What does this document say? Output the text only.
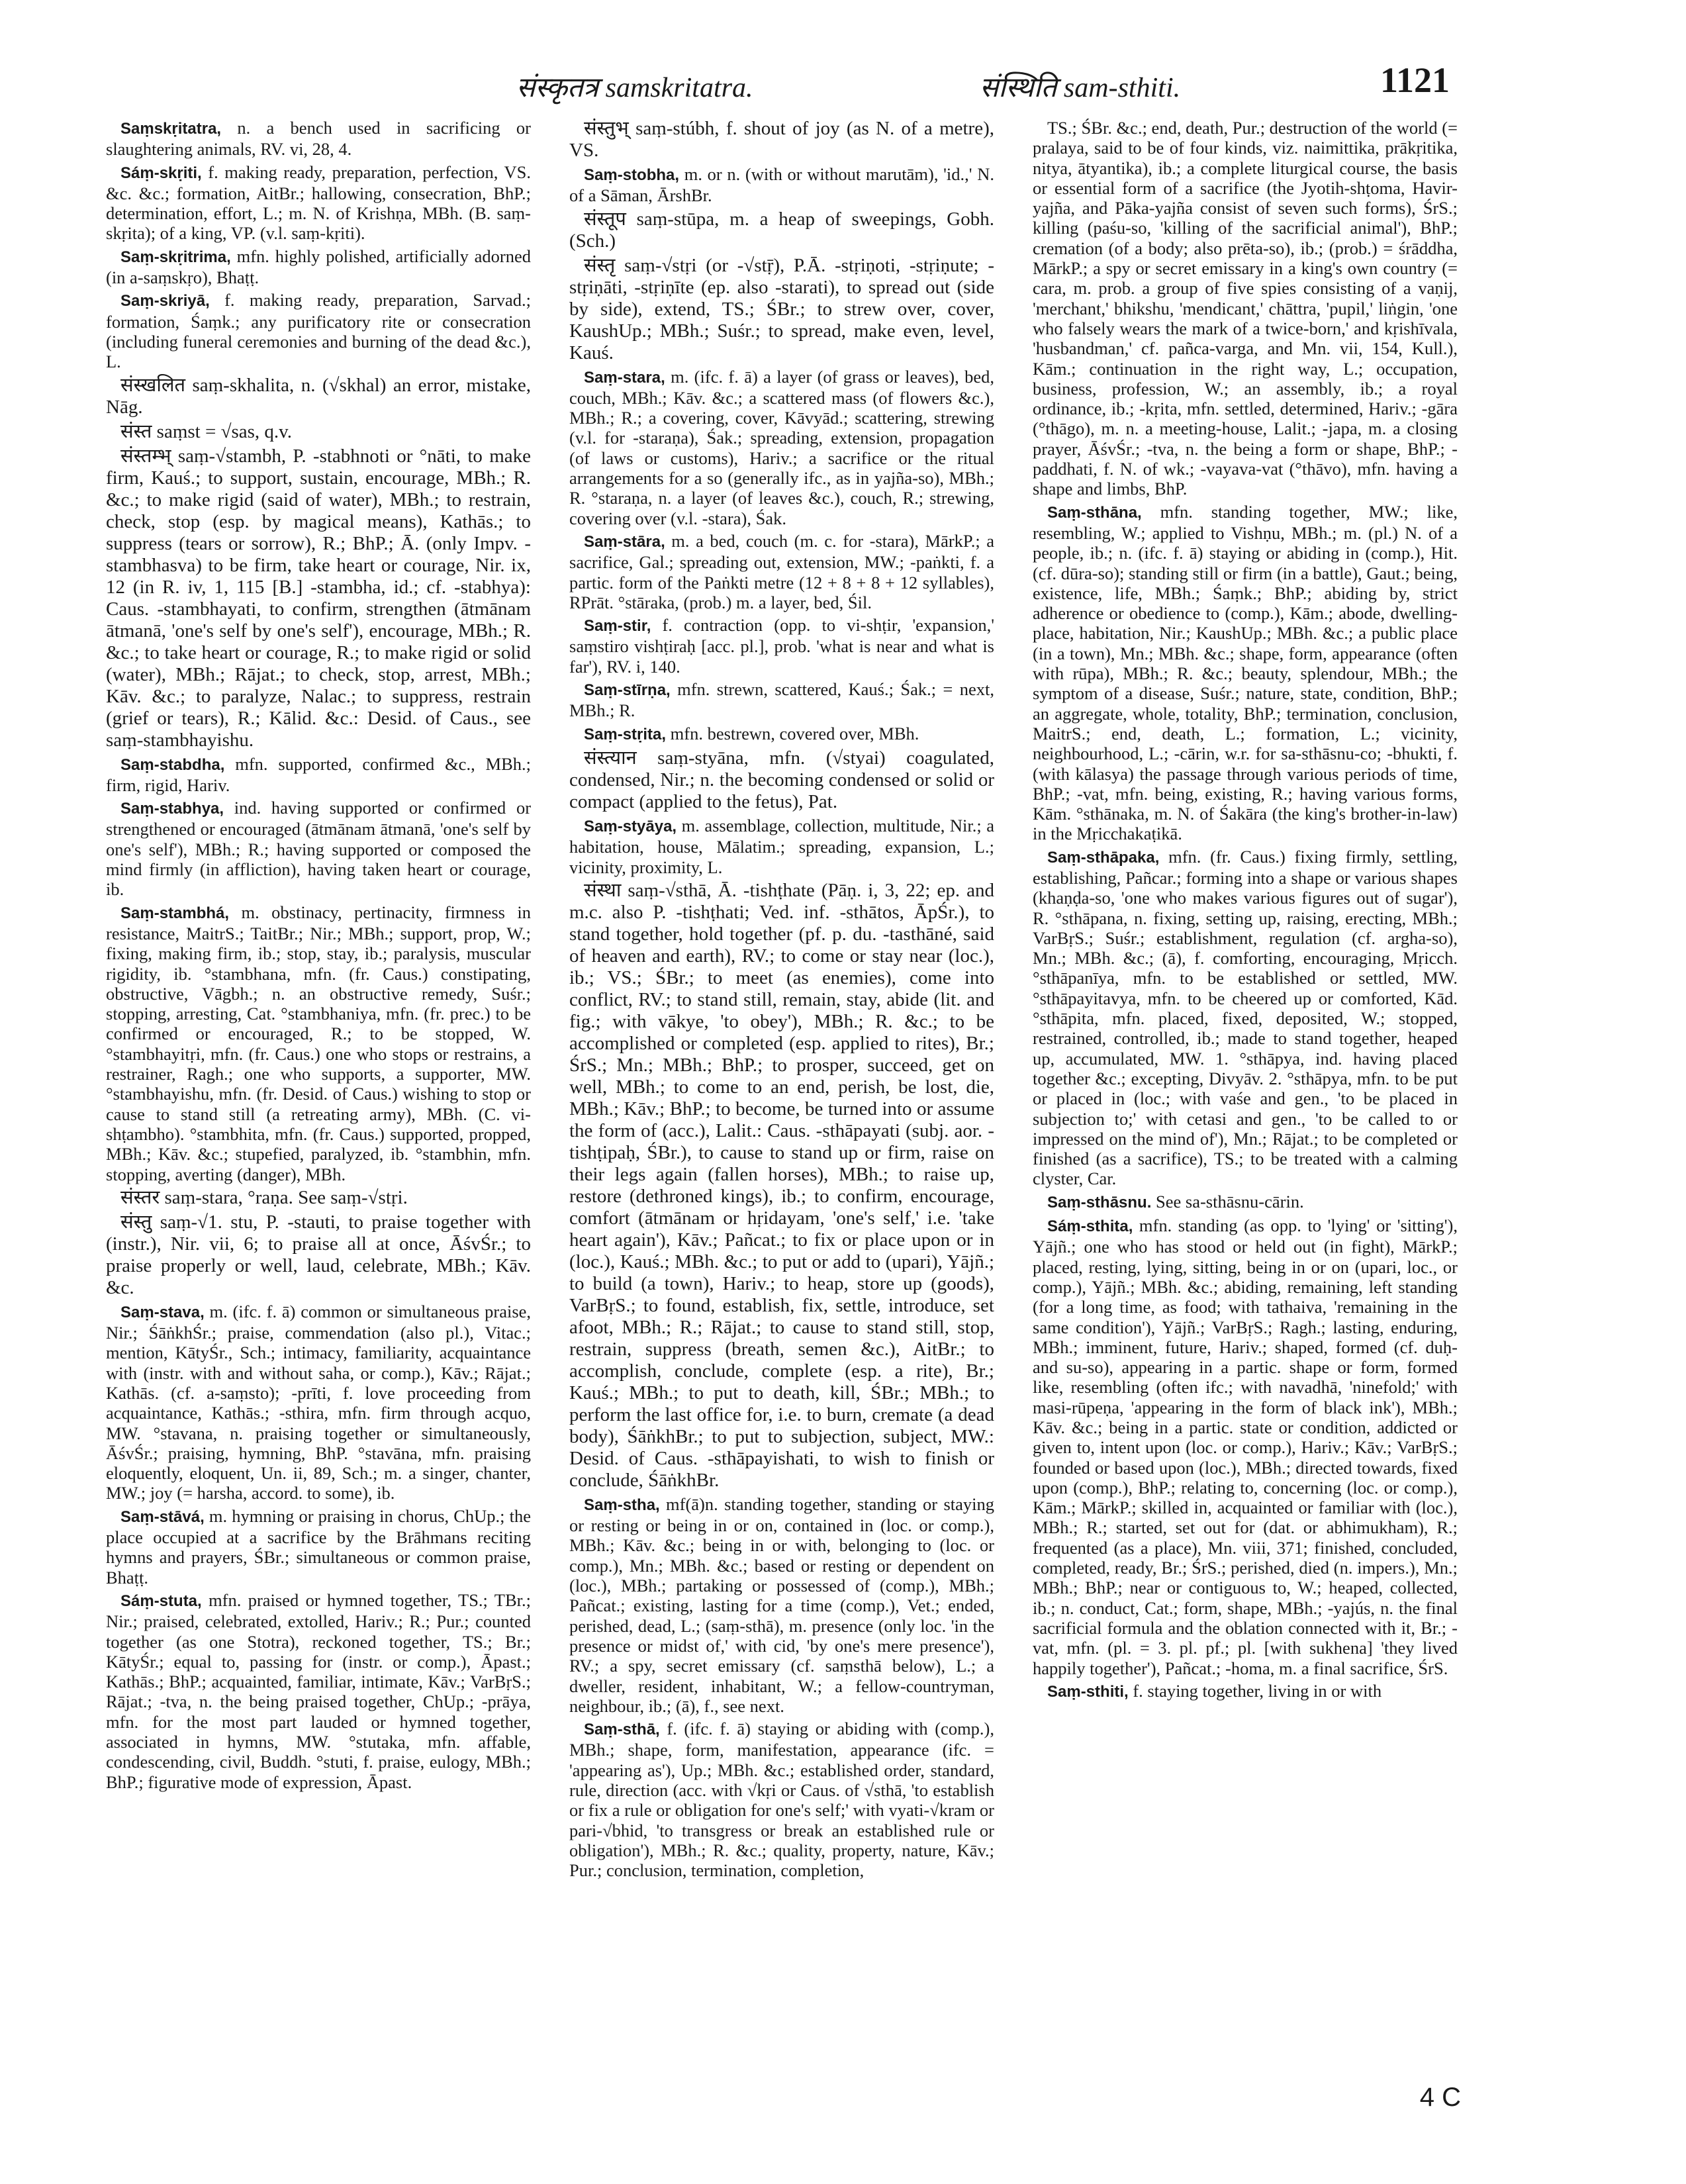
संस्कृतत्र samskritatra.	संस्थिति sam-sthiti.	1121

Saṃskṛitatra, n. a bench used in sacrificing or slaughtering animals, RV. vi, 28, 4.

Sáṃ-skṛiti, f. making ready, preparation, perfection, VS. &c. &c.; formation, AitBr.; hallowing, consecration, BhP.; determination, effort, L.; m. N. of Krishṇa, MBh. (B. saṃ-skṛita); of a king, VP. (v.l. saṃ-kṛiti).

Saṃ-skṛitrima, mfn. highly polished, artificially adorned (in a-saṃskṛo), Bhaṭṭ.

Saṃ-skriyā, f. making ready, preparation, Sarvad.; formation, Śaṃk.; any purificatory rite or consecration (including funeral ceremonies and burning of the dead &c.), L.

संस्खलित saṃ-skhalita, n. (√skhal) an error, mistake, Nāg.

संस्त saṃst = √sas, q.v.

संस्तम्भ् saṃ-√stambh, P. -stabhnoti or °nāti, to make firm, Kauś.; to support, sustain, encourage, MBh.; R. &c.; to make rigid (said of water), MBh.; to restrain, check, stop (esp. by magical means), Kathās.; to suppress (tears or sorrow), R.; BhP.; Ā. (only Impv. -stambhasva) to be firm, take heart or courage, Nir. ix, 12 (in R. iv, 1, 115 [B.] -stambha, id.; cf. -stabhya): Caus. -stambhayati, to confirm, strengthen (ātmānam ātmanā, 'one's self by one's self'), encourage, MBh.; R. &c.; to take heart or courage, R.; to make rigid or solid (water), MBh.; Rājat.; to check, stop, arrest, MBh.; Kāv. &c.; to paralyze, Nalac.; to suppress, restrain (grief or tears), R.; Kālid. &c.: Desid. of Caus., see saṃ-stambhayishu.

Saṃ-stabdha, mfn. supported, confirmed &c., MBh.; firm, rigid, Hariv.

Saṃ-stabhya, ind. having supported or confirmed or strengthened or encouraged (ātmānam ātmanā, 'one's self by one's self'), MBh.; R.; having supported or composed the mind firmly (in affliction), having taken heart or courage, ib.

Saṃ-stambhá, m. obstinacy, pertinacity, firmness in resistance, MaitrS.; TaitBr.; Nir.; MBh.; support, prop, W.; fixing, making firm, ib.; stop, stay, ib.; paralysis, muscular rigidity, ib. °stambhana, mfn. (fr. Caus.) constipating, obstructive, Vāgbh.; n. an obstructive remedy, Suśr.; stopping, arresting, Cat. °stambhaniya, mfn. (fr. prec.) to be confirmed or encouraged, R.; to be stopped, W. °stambhayitṛi, mfn. (fr. Caus.) one who stops or restrains, a restrainer, Ragh.; one who supports, a supporter, MW. °stambhayishu, mfn. (fr. Desid. of Caus.) wishing to stop or cause to stand still (a retreating army), MBh. (C. vi-shṭambho). °stambhita, mfn. (fr. Caus.) supported, propped, MBh.; Kāv. &c.; stupefied, paralyzed, ib. °stambhin, mfn. stopping, averting (danger), MBh.

संस्तर saṃ-stara, °raṇa. See saṃ-√stṛi.

संस्तु saṃ-√1. stu, P. -stauti, to praise together with (instr.), Nir. vii, 6; to praise all at once, ĀśvŚr.; to praise properly or well, laud, celebrate, MBh.; Kāv. &c.

Saṃ-stava, m. (ifc. f. ā) common or simultaneous praise, Nir.; ŚāṅkhŚr.; praise, commendation (also pl.), Vitac.; mention, KātyŚr., Sch.; intimacy, familiarity, acquaintance with (instr. with and without saha, or comp.), Kāv.; Rājat.; Kathās. (cf. a-saṃsto); -prīti, f. love proceeding from acquaintance, Kathās.; -sthira, mfn. firm through acquo, MW. °stavana, n. praising together or simultaneously, ĀśvŚr.; praising, hymning, BhP. °stavāna, mfn. praising eloquently, eloquent, Un. ii, 89, Sch.; m. a singer, chanter, MW.; joy (= harsha, accord. to some), ib.

Saṃ-stāvá, m. hymning or praising in chorus, ChUp.; the place occupied at a sacrifice by the Brāhmans reciting hymns and prayers, ŚBr.; simultaneous or common praise, Bhaṭṭ.

Sáṃ-stuta, mfn. praised or hymned together, TS.; TBr.; Nir.; praised, celebrated, extolled, Hariv.; R.; Pur.; counted together (as one Stotra), reckoned together, TS.; Br.; KātyŚr.; equal to, passing for (instr. or comp.), Āpast.; Kathās.; BhP.; acquainted, familiar, intimate, Kāv.; VarBṛS.; Rājat.; -tva, n. the being praised together, ChUp.; -prāya, mfn. for the most part lauded or hymned together, associated in hymns, MW. °stutaka, mfn. affable, condescending, civil, Buddh. °stuti, f. praise, eulogy, MBh.; BhP.; figurative mode of expression, Āpast.

संस्तुभ् saṃ-stúbh, f. shout of joy (as N. of a metre), VS.

Saṃ-stobha, m. or n. (with or without marutām), 'id.,' N. of a Sāman, ĀrshBr.

संस्तूप saṃ-stūpa, m. a heap of sweepings, Gobh. (Sch.)

संस्तृ saṃ-√stṛi (or -√stṝ), P.Ā. -stṛiṇoti, -stṛiṇute; -stṛiṇāti, -stṛiṇīte (ep. also -starati), to spread out (side by side), extend, TS.; ŚBr.; to strew over, cover, KaushUp.; MBh.; Suśr.; to spread, make even, level, Kauś.

Saṃ-stara, m. (ifc. f. ā) a layer (of grass or leaves), bed, couch, MBh.; Kāv. &c.; a scattered mass (of flowers &c.), MBh.; R.; a covering, cover, Kāvyād.; scattering, strewing (v.l. for -staraṇa), Śak.; spreading, extension, propagation (of laws or customs), Hariv.; a sacrifice or the ritual arrangements for a so (generally ifc., as in yajña-so), MBh.; R. °staraṇa, n. a layer (of leaves &c.), couch, R.; strewing, covering over (v.l. -stara), Śak.

Saṃ-stāra, m. a bed, couch (m. c. for -stara), MārkP.; a sacrifice, Gal.; spreading out, extension, MW.; -paṅkti, f. a partic. form of the Paṅkti metre (12 + 8 + 8 + 12 syllables), RPrāt. °stāraka, (prob.) m. a layer, bed, Śil.

Saṃ-stir, f. contraction (opp. to vi-shṭir, 'expansion,' saṃstiro vishṭiraḥ [acc. pl.], prob. 'what is near and what is far'), RV. i, 140.

Saṃ-stīrṇa, mfn. strewn, scattered, Kauś.; Śak.; = next, MBh.; R.

Saṃ-stṛita, mfn. bestrewn, covered over, MBh.

संस्त्यान saṃ-styāna, mfn. (√styai) coagulated, condensed, Nir.; n. the becoming condensed or solid or compact (applied to the fetus), Pat.

Saṃ-styāya, m. assemblage, collection, multitude, Nir.; a habitation, house, Mālatim.; spreading, expansion, L.; vicinity, proximity, L.

संस्था saṃ-√sthā, Ā. -tishṭhate (Pāṇ. i, 3, 22; ep. and m.c. also P. -tishṭhati; Ved. inf. -sthātos, ĀpŚr.), to stand together, hold together (pf. p. du. -tasthāné, said of heaven and earth), RV.; to come or stay near (loc.), ib.; VS.; ŚBr.; to meet (as enemies), come into conflict, RV.; to stand still, remain, stay, abide (lit. and fig.; with vākye, 'to obey'), MBh.; R. &c.; to be accomplished or completed (esp. applied to rites), Br.; ŚrS.; Mn.; MBh.; BhP.; to prosper, succeed, get on well, MBh.; to come to an end, perish, be lost, die, MBh.; Kāv.; BhP.; to become, be turned into or assume the form of (acc.), Lalit.: Caus. -sthāpayati (subj. aor. -tishṭipaḥ, ŚBr.), to cause to stand up or firm, raise on their legs again (fallen horses), MBh.; to raise up, restore (dethroned kings), ib.; to confirm, encourage, comfort (ātmānam or hṛidayam, 'one's self,' i.e. 'take heart again'), Kāv.; Pañcat.; to fix or place upon or in (loc.), Kauś.; MBh. &c.; to put or add to (upari), Yājñ.; to build (a town), Hariv.; to heap, store up (goods), VarBṛS.; to found, establish, fix, settle, introduce, set afoot, MBh.; R.; Rājat.; to cause to stand still, stop, restrain, suppress (breath, semen &c.), AitBr.; to accomplish, conclude, complete (esp. a rite), Br.; Kauś.; MBh.; to put to death, kill, ŚBr.; MBh.; to perform the last office for, i.e. to burn, cremate (a dead body), ŚāṅkhBr.; to put to subjection, subject, MW.: Desid. of Caus. -sthāpayishati, to wish to finish or conclude, ŚāṅkhBr.

Saṃ-stha, mf(ā)n. standing together, standing or staying or resting or being in or on, contained in (loc. or comp.), MBh.; Kāv. &c.; being in or with, belonging to (loc. or comp.), Mn.; MBh. &c.; based or resting or dependent on (loc.), MBh.; partaking or possessed of (comp.), MBh.; Pañcat.; existing, lasting for a time (comp.), Vet.; ended, perished, dead, L.; (saṃ-sthā), m. presence (only loc. 'in the presence or midst of,' with cid, 'by one's mere presence'), RV.; a spy, secret emissary (cf. saṃsthā below), L.; a dweller, resident, inhabitant, W.; a fellow-countryman, neighbour, ib.; (ā), f., see next.

Saṃ-sthā, f. (ifc. f. ā) staying or abiding with (comp.), MBh.; shape, form, manifestation, appearance (ifc. = 'appearing as'), Up.; MBh. &c.; established order, standard, rule, direction (acc. with √kṛi or Caus. of √sthā, 'to establish or fix a rule or obligation for one's self;' with vyati-√kram or pari-√bhid, 'to transgress or break an established rule or obligation'), MBh.; R. &c.; quality, property, nature, Kāv.; Pur.; conclusion, termination, completion,

TS.; ŚBr. &c.; end, death, Pur.; destruction of the world (= pralaya, said to be of four kinds, viz. naimittika, prākṛitika, nitya, ātyantika), ib.; a complete liturgical course, the basis or essential form of a sacrifice (the Jyotih-shṭoma, Havir-yajña, and Pāka-yajña consist of seven such forms), ŚrS.; killing (paśu-so, 'killing of the sacrificial animal'), BhP.; cremation (of a body; also prēta-so), ib.; (prob.) = śrāddha, MārkP.; a spy or secret emissary in a king's own country (= cara, m. prob. a group of five spies consisting of a vaṇij, 'merchant,' bhikshu, 'mendicant,' chāttra, 'pupil,' liṅgin, 'one who falsely wears the mark of a twice-born,' and kṛishīvala, 'husbandman,' cf. pañca-varga, and Mn. vii, 154, Kull.), Kām.; continuation in the right way, L.; occupation, business, profession, W.; an assembly, ib.; a royal ordinance, ib.; -kṛita, mfn. settled, determined, Hariv.; -gāra (°thāgo), m. n. a meeting-house, Lalit.; -japa, m. a closing prayer, ĀśvŚr.; -tva, n. the being a form or shape, BhP.; -paddhati, f. N. of wk.; -vayava-vat (°thāvo), mfn. having a shape and limbs, BhP.

Saṃ-sthāna, mfn. standing together, MW.; like, resembling, W.; applied to Vishṇu, MBh.; m. (pl.) N. of a people, ib.; n. (ifc. f. ā) staying or abiding in (comp.), Hit. (cf. dūra-so); standing still or firm (in a battle), Gaut.; being, existence, life, MBh.; Śaṃk.; BhP.; abiding by, strict adherence or obedience to (comp.), Kām.; abode, dwelling-place, habitation, Nir.; KaushUp.; MBh. &c.; a public place (in a town), Mn.; MBh. &c.; shape, form, appearance (often with rūpa), MBh.; R. &c.; beauty, splendour, MBh.; the symptom of a disease, Suśr.; nature, state, condition, BhP.; an aggregate, whole, totality, BhP.; termination, conclusion, MaitrS.; end, death, L.; formation, L.; vicinity, neighbourhood, L.; -cārin, w.r. for sa-sthāsnu-co; -bhukti, f. (with kālasya) the passage through various periods of time, BhP.; -vat, mfn. being, existing, R.; having various forms, Kām. °sthānaka, m. N. of Śakāra (the king's brother-in-law) in the Mṛicchakaṭikā.

Saṃ-sthāpaka, mfn. (fr. Caus.) fixing firmly, settling, establishing, Pañcar.; forming into a shape or various shapes (khaṇḍa-so, 'one who makes various figures out of sugar'), R. °sthāpana, n. fixing, setting up, raising, erecting, MBh.; VarBṛS.; Suśr.; establishment, regulation (cf. argha-so), Mn.; MBh. &c.; (ā), f. comforting, encouraging, Mṛicch. °sthāpanīya, mfn. to be established or settled, MW. °sthāpayitavya, mfn. to be cheered up or comforted, Kād. °sthāpita, mfn. placed, fixed, deposited, W.; stopped, restrained, controlled, ib.; made to stand together, heaped up, accumulated, MW. 1. °sthāpya, ind. having placed together &c.; excepting, Divyāv. 2. °sthāpya, mfn. to be put or placed in (loc.; with vaśe and gen., 'to be placed in subjection to;' with cetasi and gen., 'to be called to or impressed on the mind of'), Mn.; Rājat.; to be completed or finished (as a sacrifice), TS.; to be treated with a calming clyster, Car.

Saṃ-sthāsnu. See sa-sthāsnu-cārin.

Sáṃ-sthita, mfn. standing (as opp. to 'lying' or 'sitting'), Yājñ.; one who has stood or held out (in fight), MārkP.; placed, resting, lying, sitting, being in or on (upari, loc., or comp.), Yājñ.; MBh. &c.; abiding, remaining, left standing (for a long time, as food; with tathaiva, 'remaining in the same condition'), Yājñ.; VarBṛS.; Ragh.; lasting, enduring, MBh.; imminent, future, Hariv.; shaped, formed (cf. duḥ- and su-so), appearing in a partic. shape or form, formed like, resembling (often ifc.; with navadhā, 'ninefold;' with masi-rūpeṇa, 'appearing in the form of black ink'), MBh.; Kāv. &c.; being in a partic. state or condition, addicted or given to, intent upon (loc. or comp.), Hariv.; Kāv.; VarBṛS.; founded or based upon (loc.), MBh.; directed towards, fixed upon (comp.), BhP.; relating to, concerning (loc. or comp.), Kām.; MārkP.; skilled in, acquainted or familiar with (loc.), MBh.; R.; started, set out for (dat. or abhimukham), R.; frequented (as a place), Mn. viii, 371; finished, concluded, completed, ready, Br.; ŚrS.; perished, died (n. impers.), Mn.; MBh.; BhP.; near or contiguous to, W.; heaped, collected, ib.; n. conduct, Cat.; form, shape, MBh.; -yajús, n. the final sacrificial formula and the oblation connected with it, Br.; -vat, mfn. (pl. = 3. pl. pf.; pl. [with sukhena] 'they lived happily together'), Pañcat.; -homa, m. a final sacrifice, ŚrS.

Saṃ-sthiti, f. staying together, living in or with

4 C
